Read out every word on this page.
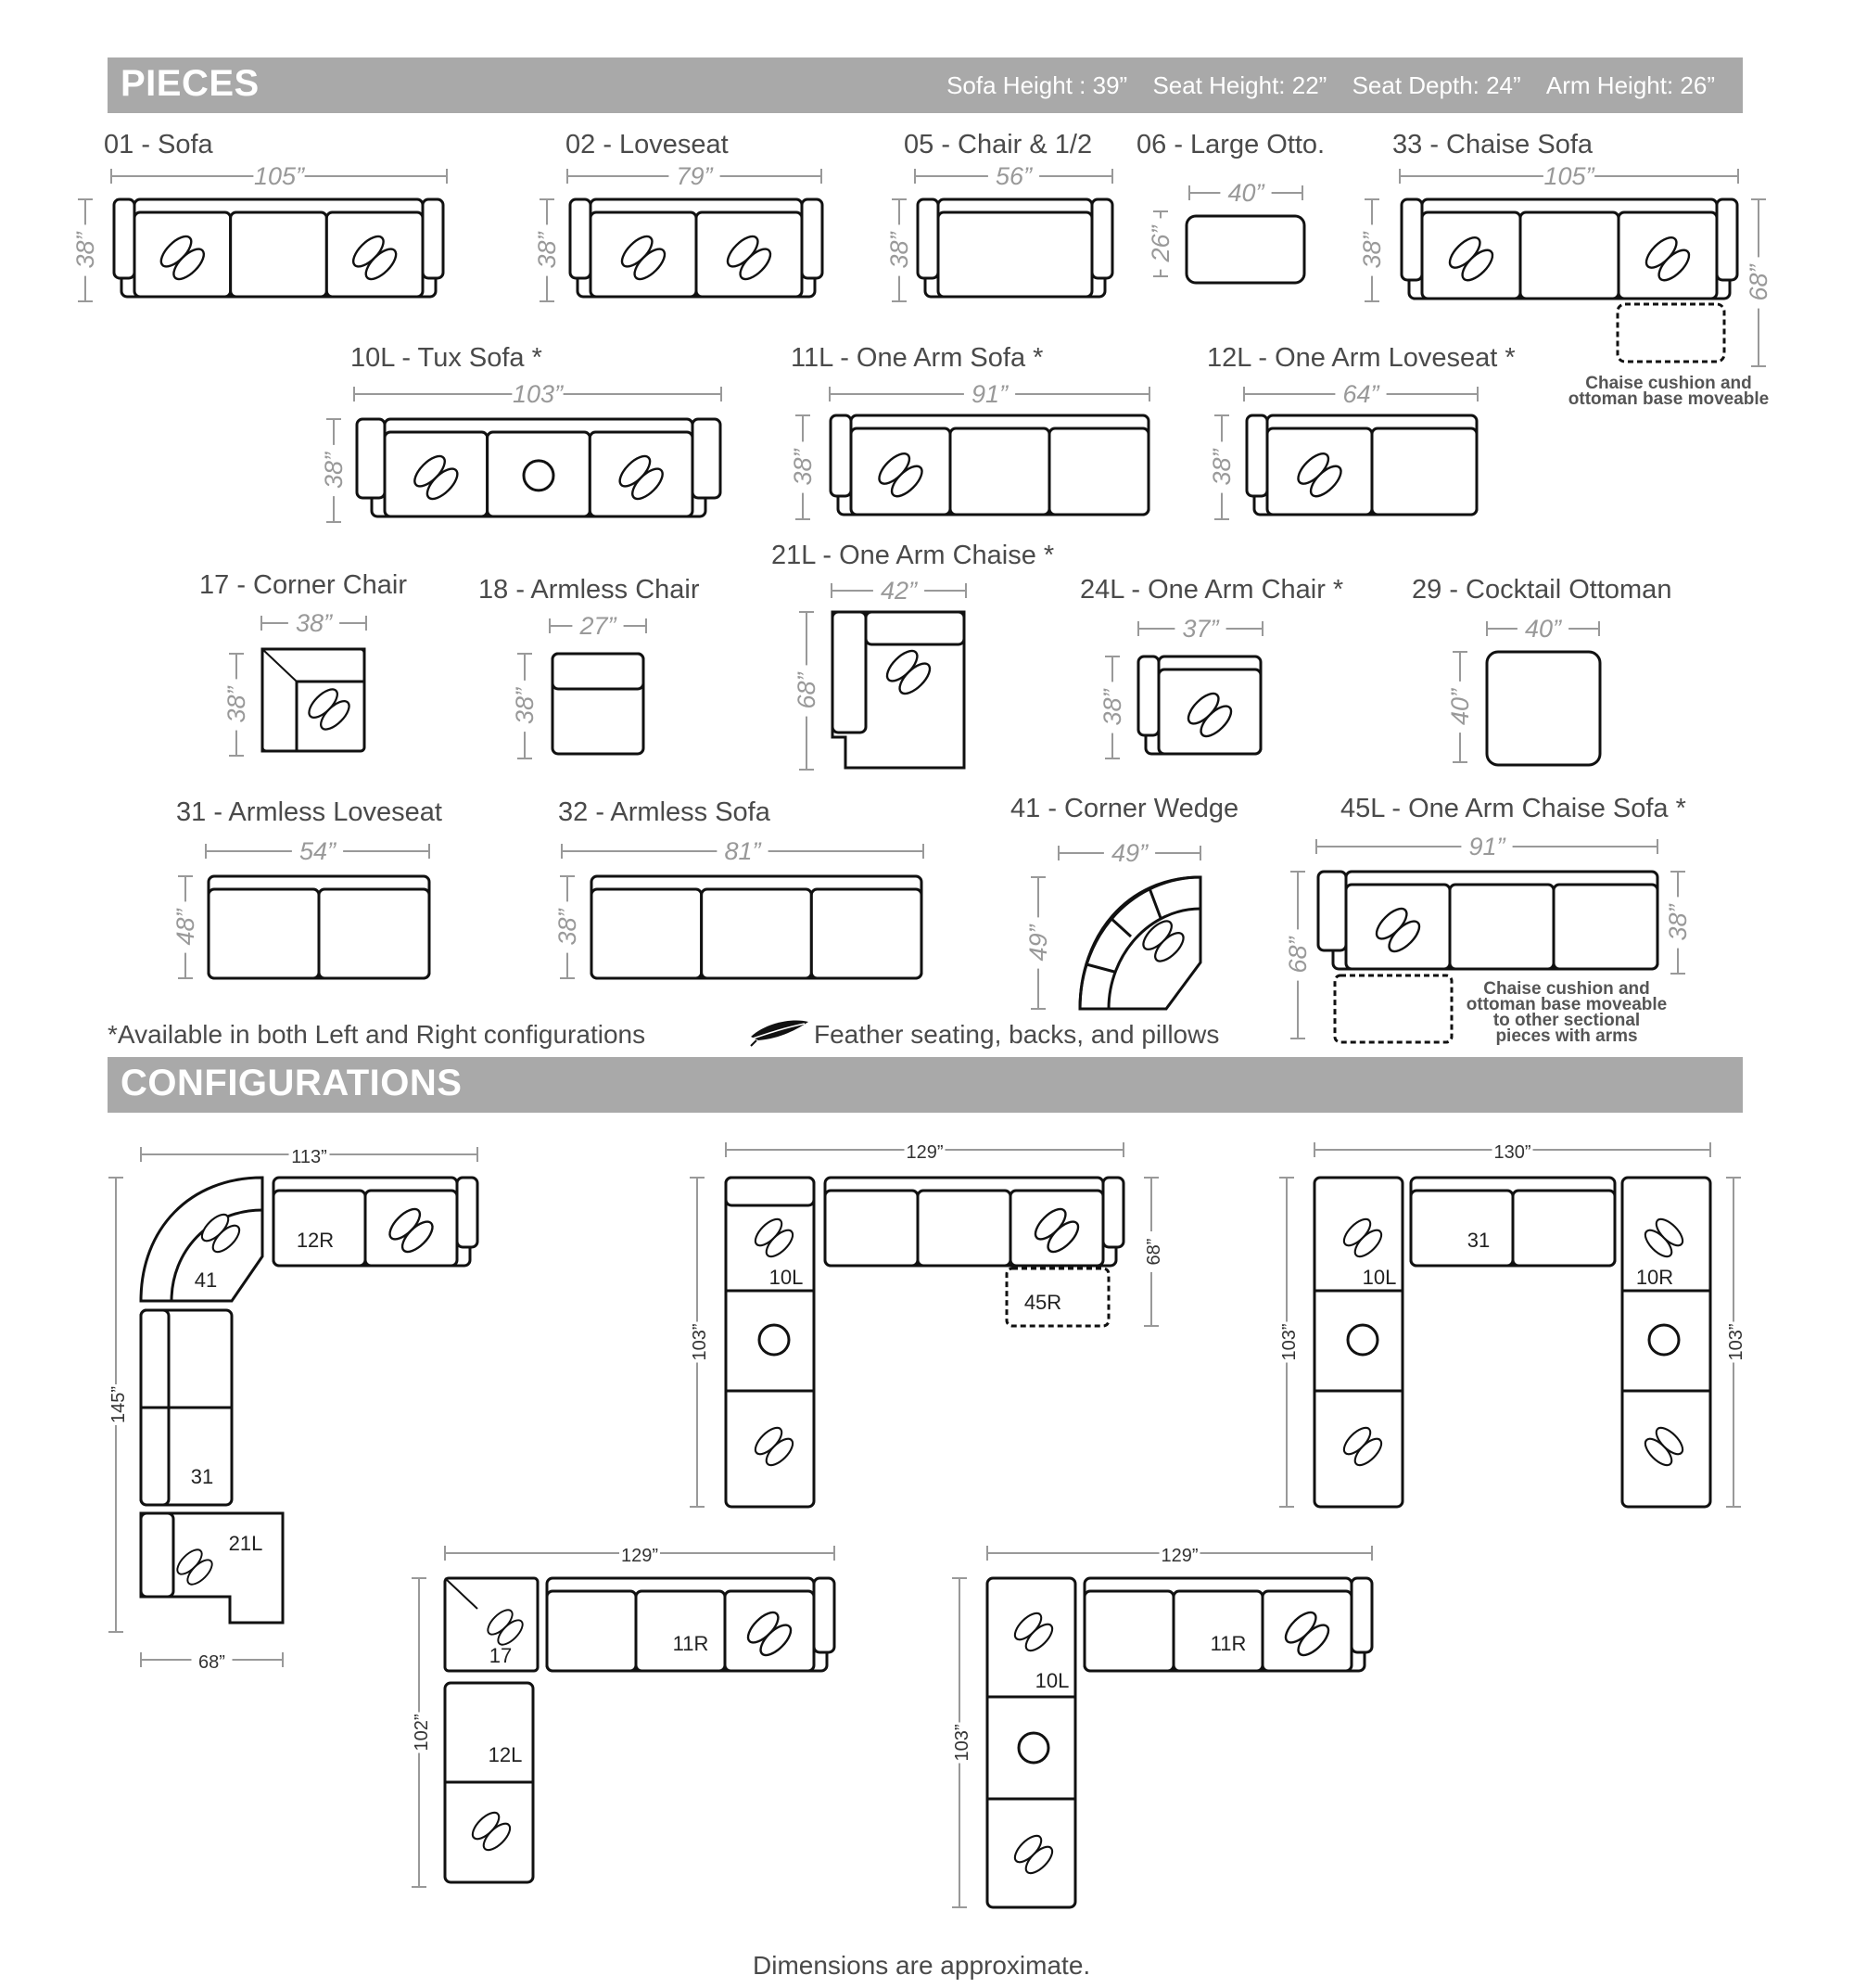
PIECES	Sofa Height : 39” Seat Height: 22” Seat Depth: 24” Arm Height: 26”
CONFIGURATIONS
01 - Sofa	02 - Loveseat	05 - Chair & 1/2 06 - Large Otto.	33 - Chaise Sofa
10L - Tux Sofa *	11L - One Arm Sofa *	12L - One Arm Loveseat *
17 - Corner Chair	18 - Armless Chair
21L - One Arm Chaise *
24L - One Arm Chair *	29 - Cocktail Ottoman
31 - Armless Loveseat	32 - Armless Sofa	41 - Corner Wedge	45L - One Arm Chaise Sofa *
Chaise cushion and
ottoman base moveable
Chaise cushion and
ottoman base moveable
to other sectional
pieces with arms
*Available in both Left and Right configurations	Feather seating, backs, and pillows
Dimensions are approximate.
105”
38”
79”
38”
56”
38”
40”
26”
105”
38”
68”
103”
38”
91”
38”
64”
38”
38”
38”
27”
38”
42”
68”
37”
38”
40”
40”
54”
48”
81”
38”
49”
49”
91”
68”
38”
41
12R
31
21L
113”
145”
68”
10L
45R
129”
103”
68”
10L
31
10R
130”
103”	103”
17
11R
12L
129”
102”
10L
11R
129”
103”
